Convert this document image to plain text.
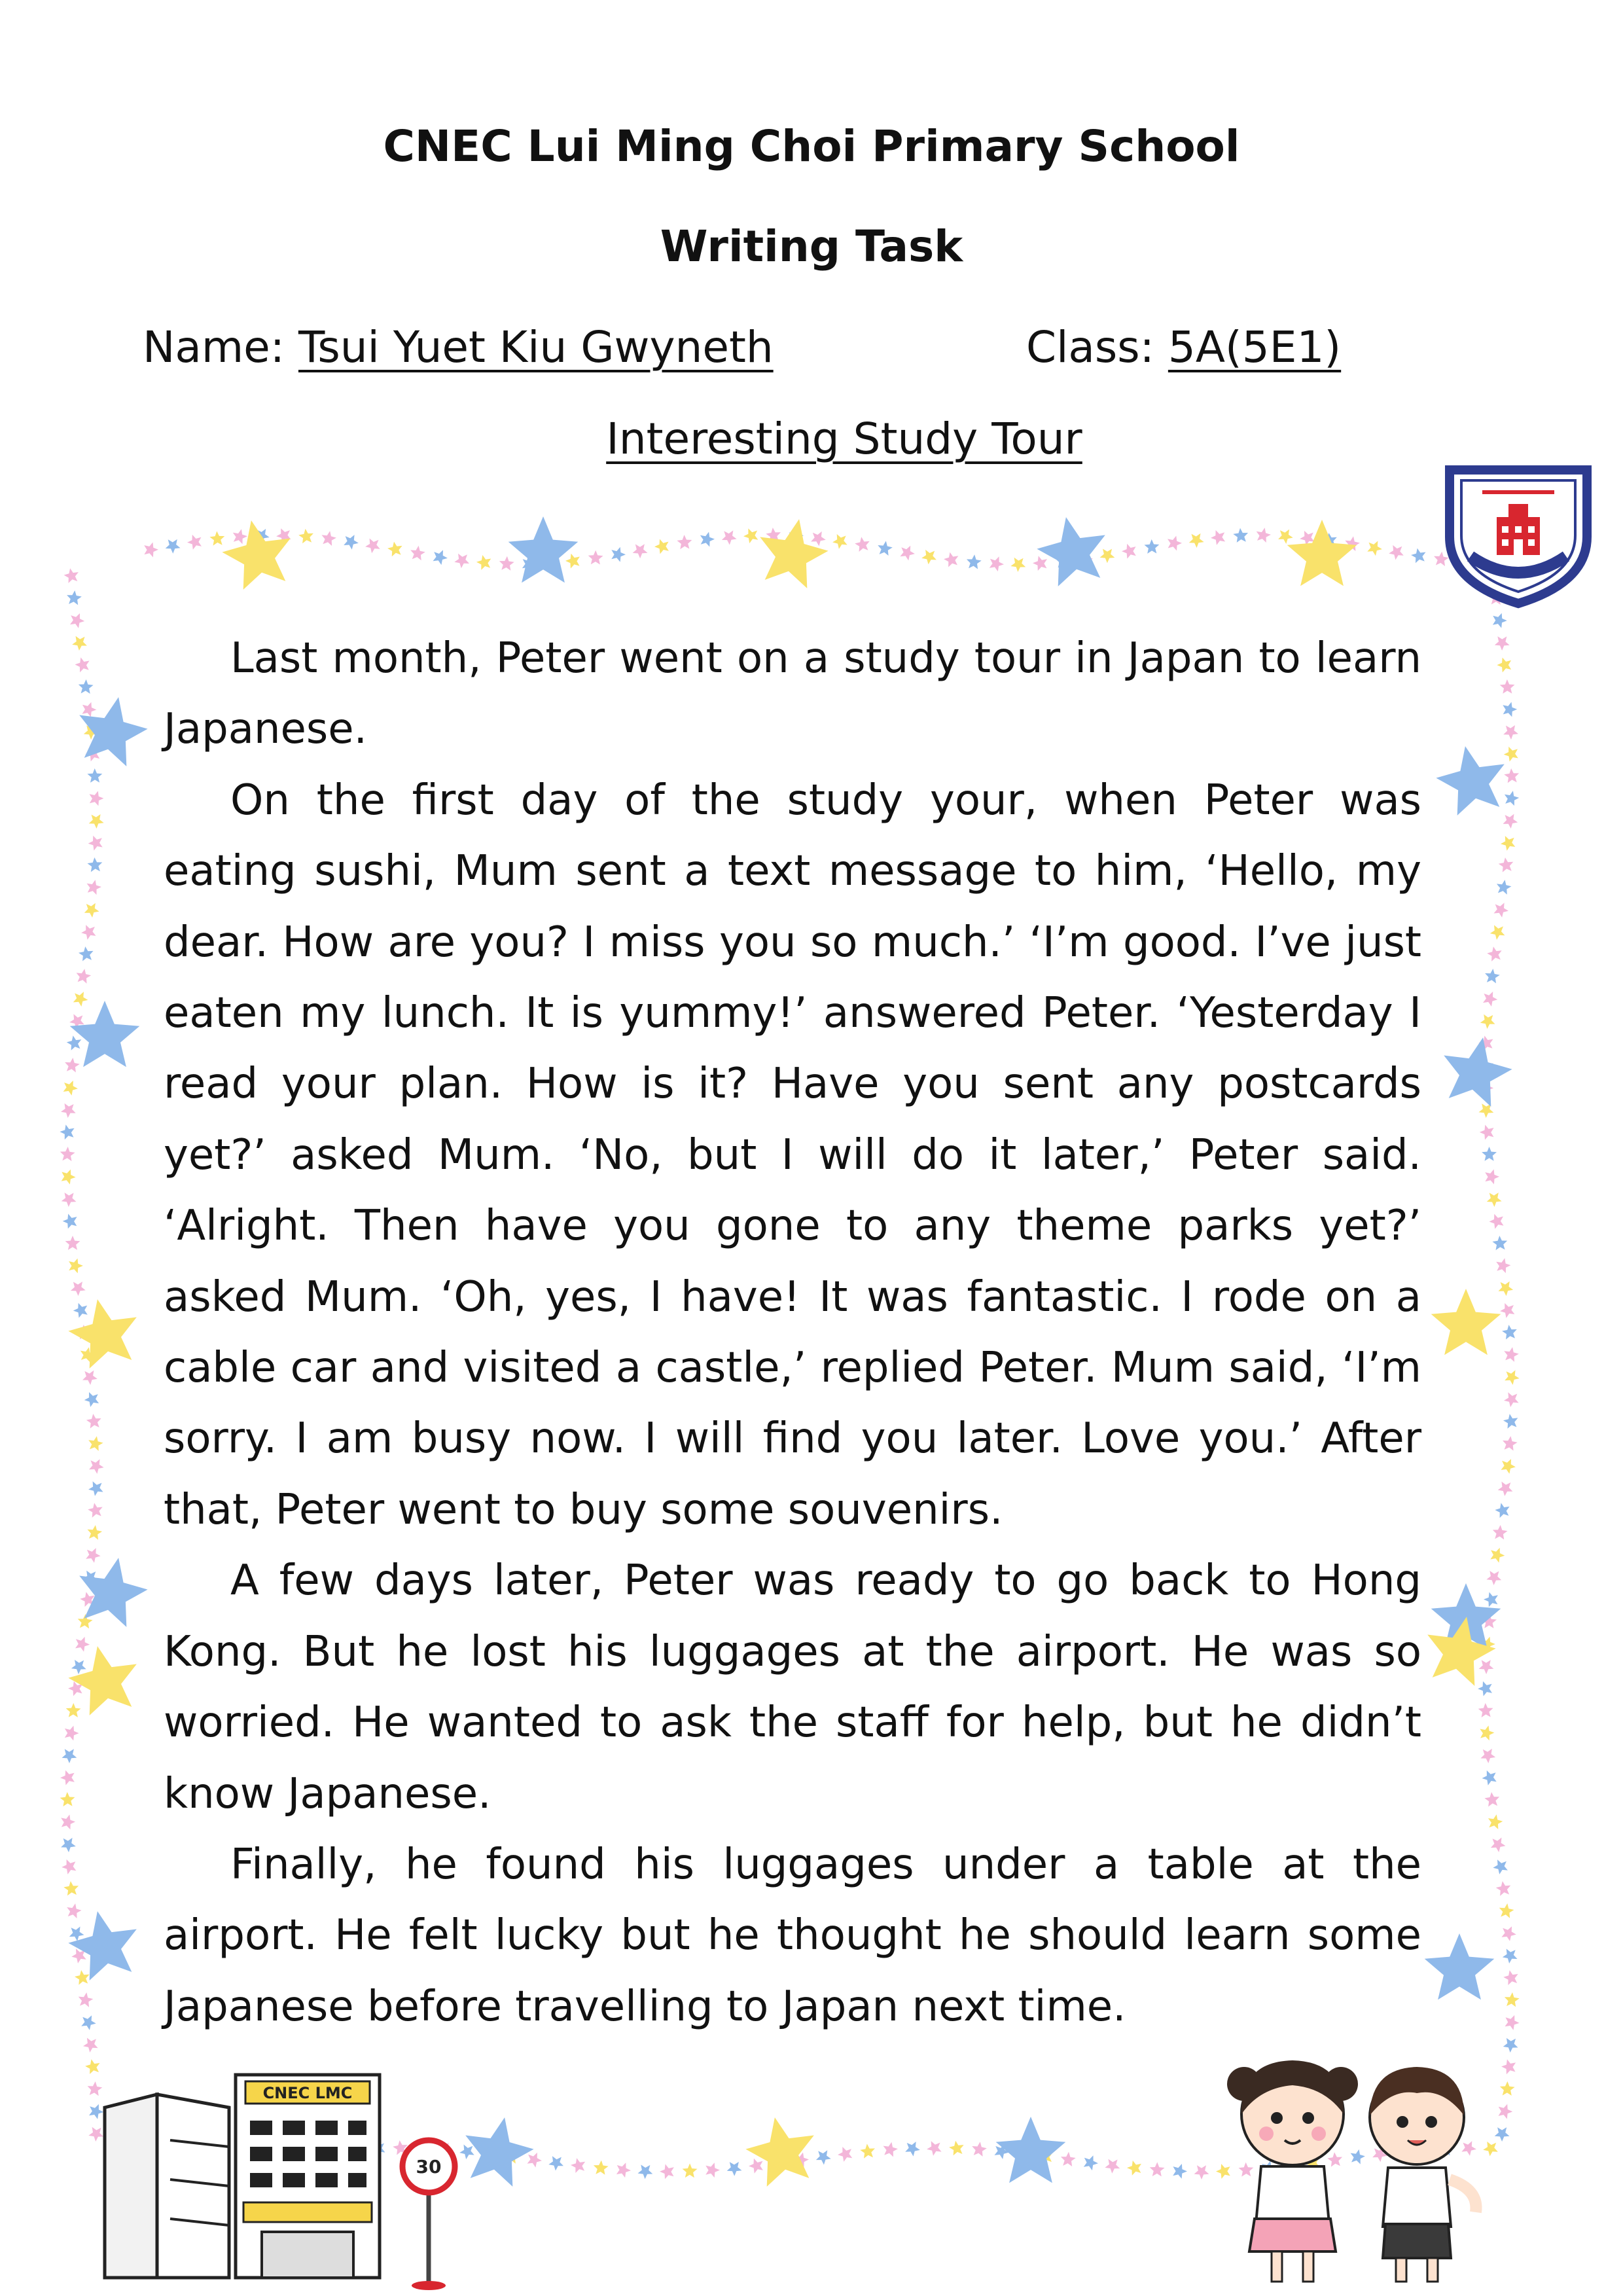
CNEC Lui Ming Choi Primary School
Writing Task
Name: Tsui Yuet Kiu Gwyneth	Class: 5A(5E1)
Interesting Study Tour
CNEC LMC
30

Last month, Peter went on a study tour in Japan to learn Japanese.

On the first day of the study your, when Peter was eating sushi, Mum sent a text message to him, ‘Hello, my dear. How are you? I miss you so much.’ ‘I’m good. I’ve just eaten my lunch. It is yummy!’ answered Peter. ‘Yesterday I read your plan. How is it? Have you sent any postcards yet?’ asked Mum. ‘No, but I will do it later,’ Peter said. ‘Alright. Then have you gone to any theme parks yet?’ asked Mum. ‘Oh, yes, I have! It was fantastic. I rode on a cable car and visited a castle,’ replied Peter. Mum said, ‘I’m sorry. I am busy now. I will find you later. Love you.’ After that, Peter went to buy some souvenirs.

A few days later, Peter was ready to go back to Hong Kong. But he lost his luggages at the airport. He was so worried. He wanted to ask the staff for help, but he didn’t know Japanese.

Finally, he found his luggages under a table at the airport. He felt lucky but he thought he should learn some Japanese before travelling to Japan next time.
